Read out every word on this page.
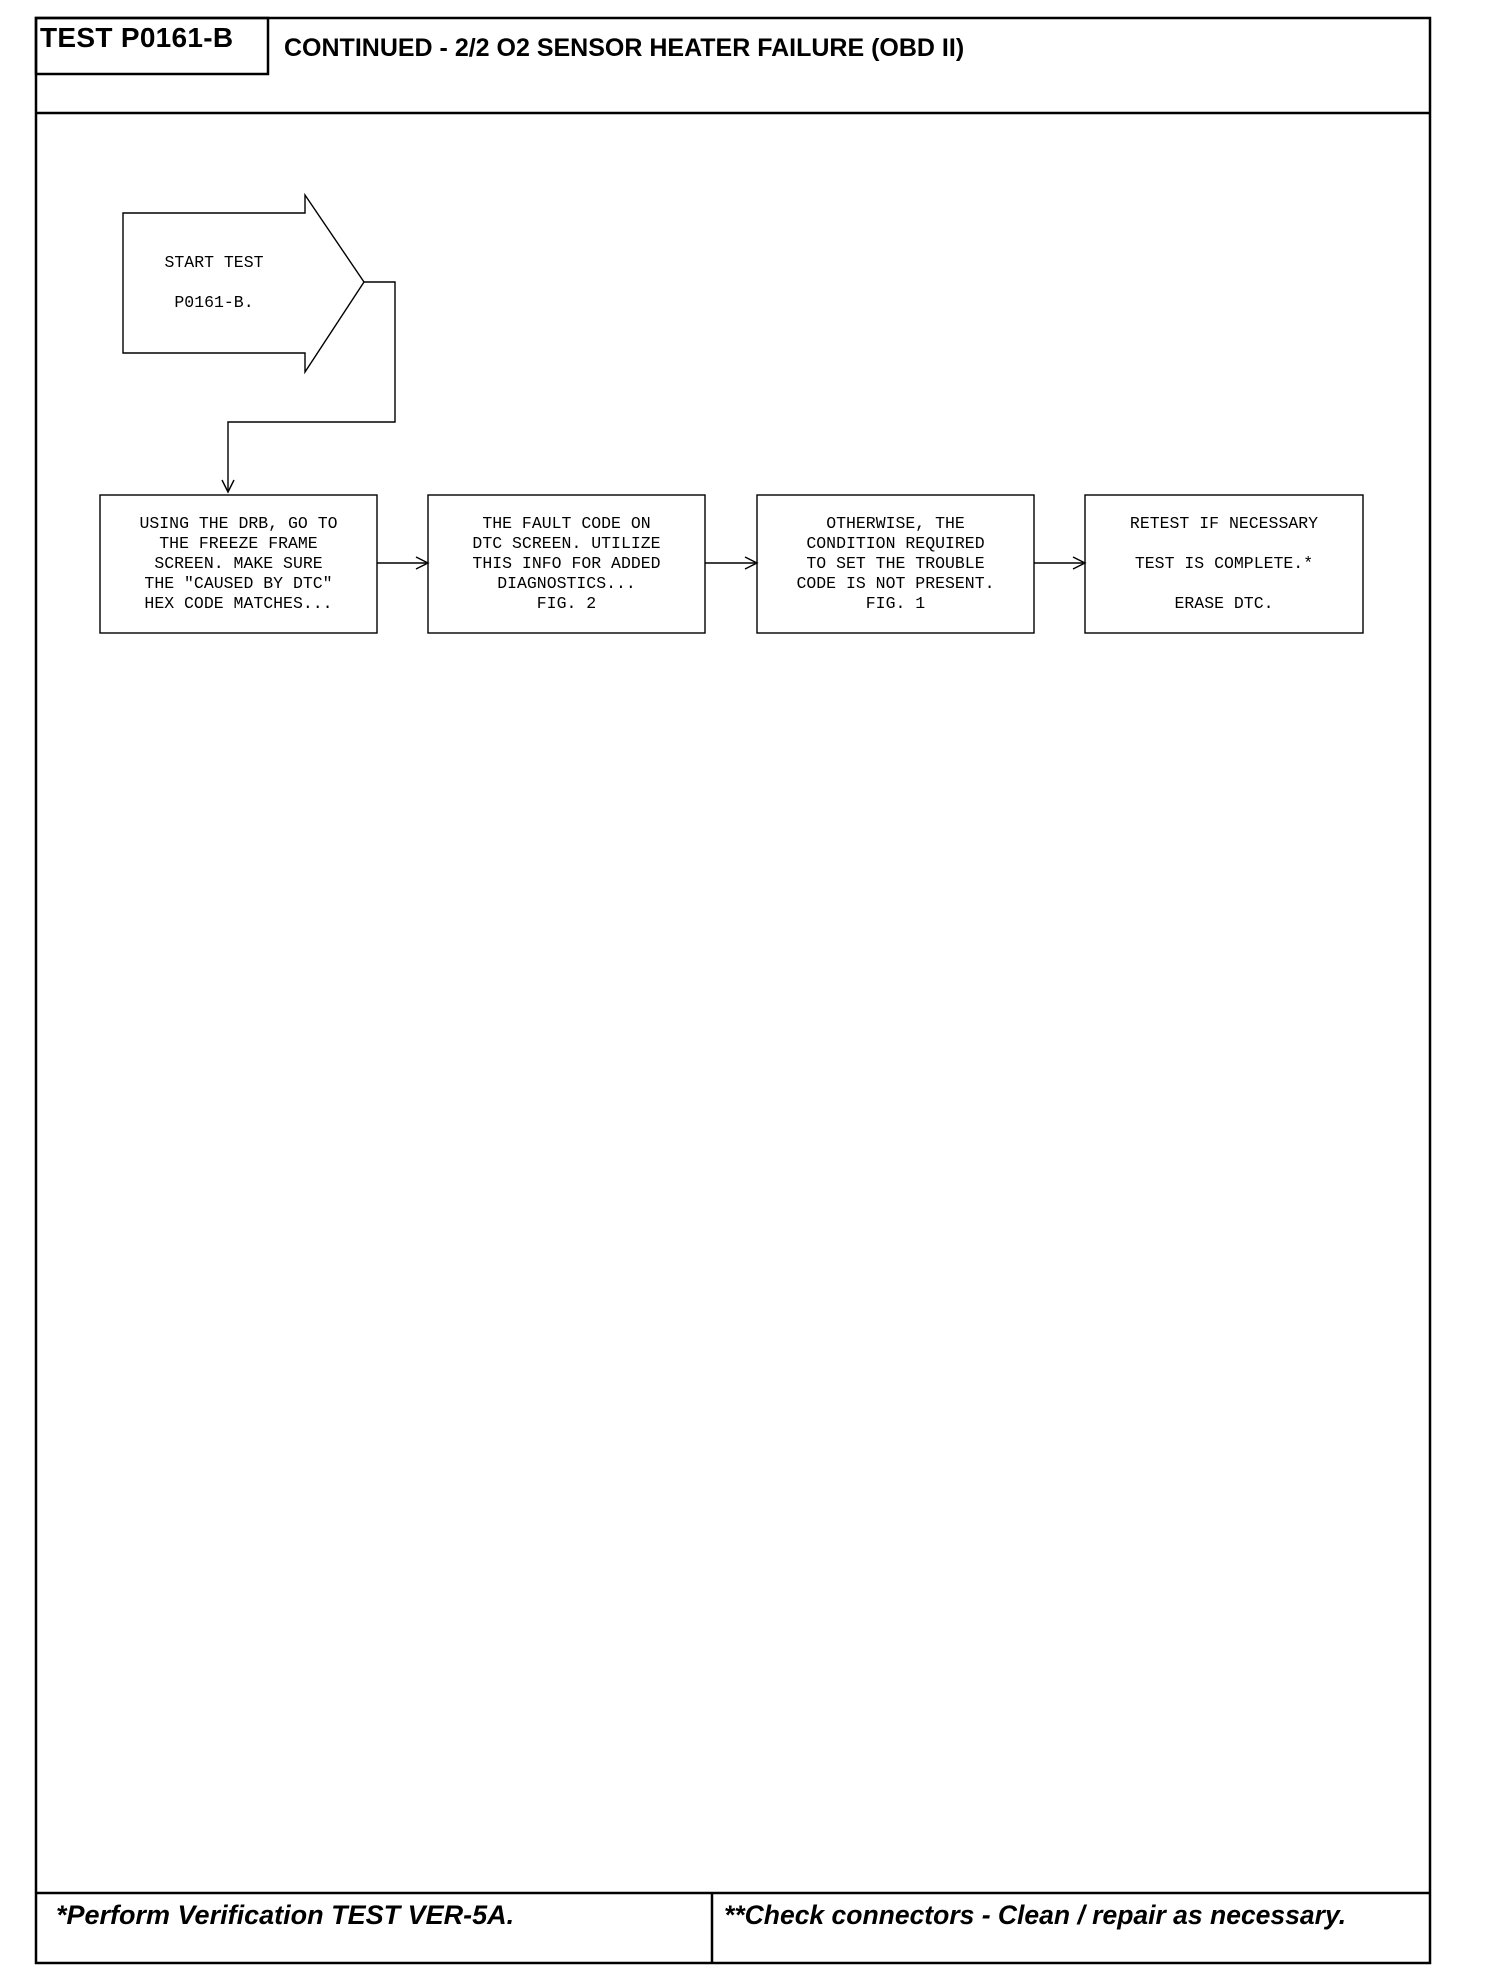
TEST P0161-B CONTINUED - 2/2 O2 SENSOR HEATER FAILURE (OBD II)
START TEST
P0161-B.
USING THE DRB, GO TO
THE FREEZE FRAME
SCREEN. MAKE SURE
THE "CAUSED BY DTC"
HEX CODE MATCHES...
THE FAULT CODE ON
DTC SCREEN. UTILIZE
THIS INFO FOR ADDED
DIAGNOSTICS...
FIG. 2
OTHERWISE, THE
CONDITION REQUIRED
TO SET THE TROUBLE
CODE IS NOT PRESENT.
FIG. 1
RETEST IF NECESSARY
TEST IS COMPLETE.*
ERASE DTC.
*Perform Verification TEST VER-5A.	**Check connectors - Clean / repair as necessary.
